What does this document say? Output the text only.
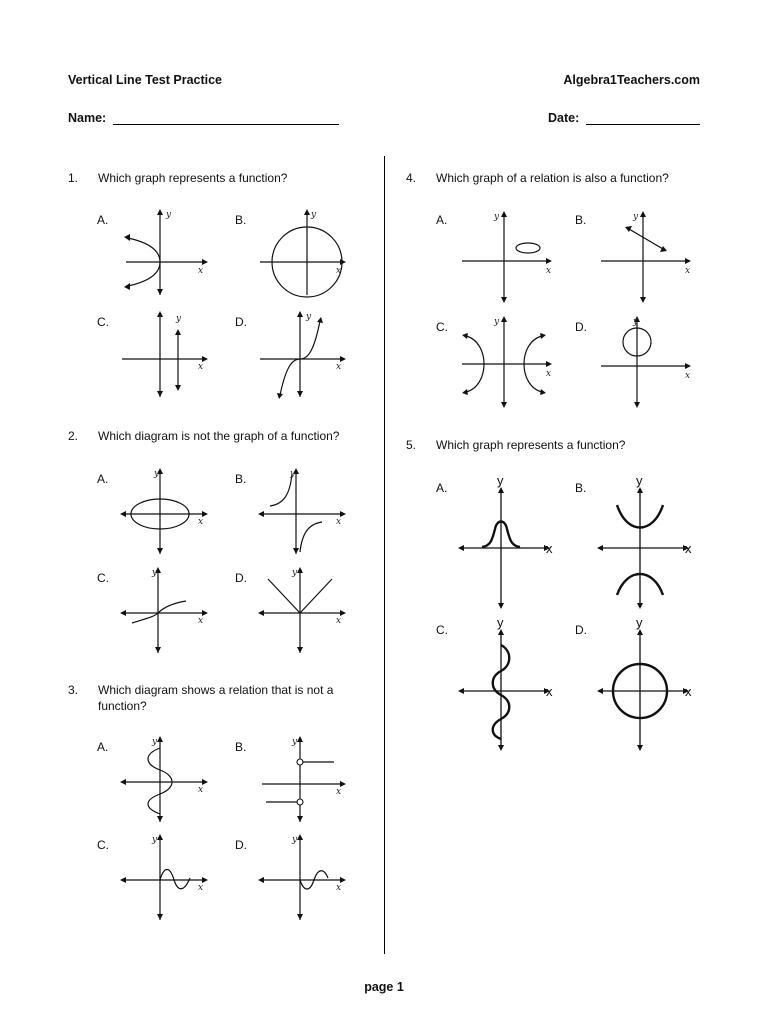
Vertical Line Test Practice	Algebra1Teachers.com
Name:	Date:
1. Which graph represents a function?
A.	B.
C.	D.
y
x
y
x
y
x
y
x
2. Which diagram is not the graph of a function?
A.	B.
C.	D.
y
x
y
x
y
x
y
x
3. Which diagram shows a relation that is not a function?
A.	B.
C.	D.
y
x
y
x
y
x
y
x
4. Which graph of a relation is also a function?
A.	B.
C.	D.
y
x
y
x
y
x
y
x
5. Which graph represents a function?
A.	B.
C.	D.
y
x
y
x
y
x
y
x
page 1
